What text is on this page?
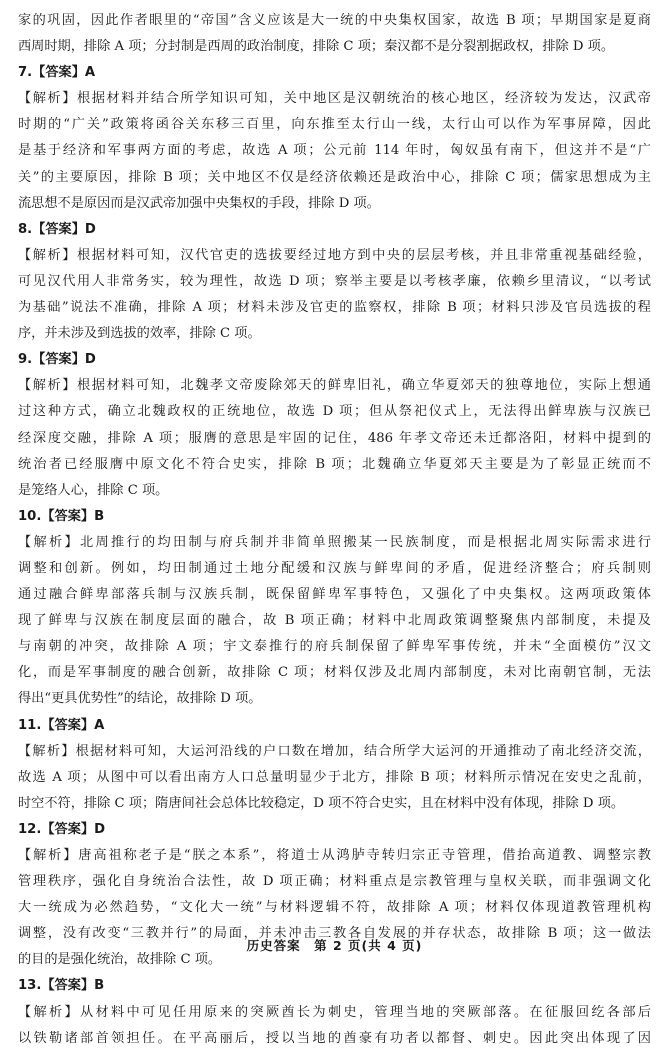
家的巩固，因此作者眼里的“帝国”含义应该是大一统的中央集权国家，故选 B 项；早期国家是夏商
西周时期，排除 A 项；分封制是西周的政治制度，排除 C 项；秦汉都不是分裂割据政权，排除 D 项。
7.【答案】A
【解析】根据材料并结合所学知识可知，关中地区是汉朝统治的核心地区，经济较为发达，汉武帝
时期的“广关”政策将函谷关东移三百里，向东推至太行山一线，太行山可以作为军事屏障，因此
是基于经济和军事两方面的考虑，故选 A 项；公元前 114 年时，匈奴虽有南下，但这并不是“广
关”的主要原因，排除 B 项；关中地区不仅是经济依赖还是政治中心，排除 C 项；儒家思想成为主
流思想不是原因而是汉武帝加强中央集权的手段，排除 D 项。
8.【答案】D
【解析】根据材料可知，汉代官吏的选拔要经过地方到中央的层层考核，并且非常重视基础经验，
可见汉代用人非常务实，较为理性，故选 D 项；察举主要是以考核孝廉，依赖乡里清议，“以考试
为基础”说法不准确，排除 A 项；材料未涉及官吏的监察权，排除 B 项；材料只涉及官员选拔的程
序，并未涉及到选拔的效率，排除 C 项。
9.【答案】D
【解析】根据材料可知，北魏孝文帝废除郊天的鲜卑旧礼，确立华夏郊天的独尊地位，实际上想通
过这种方式，确立北魏政权的正统地位，故选 D 项；但从祭祀仪式上，无法得出鲜卑族与汉族已
经深度交融，排除 A 项；服膺的意思是牢固的记住，486 年孝文帝还未迁都洛阳，材料中提到的
统治者已经服膺中原文化不符合史实，排除 B 项；北魏确立华夏郊天主要是为了彰显正统而不
是笼络人心，排除 C 项。
10.【答案】B
【解析】北周推行的均田制与府兵制并非简单照搬某一民族制度，而是根据北周实际需求进行
调整和创新。例如，均田制通过土地分配缓和汉族与鲜卑间的矛盾，促进经济整合；府兵制则
通过融合鲜卑部落兵制与汉族兵制，既保留鲜卑军事特色，又强化了中央集权。这两项政策体
现了鲜卑与汉族在制度层面的融合，故 B 项正确；材料中北周政策调整聚焦内部制度，未提及
与南朝的冲突，故排除 A 项；宇文泰推行的府兵制保留了鲜卑军事传统，并未“全面模仿”汉文
化，而是军事制度的融合创新，故排除 C 项；材料仅涉及北周内部制度，未对比南朝官制，无法
得出“更具优势性”的结论，故排除 D 项。
11.【答案】A
【解析】根据材料可知，大运河沿线的户口数在增加，结合所学大运河的开通推动了南北经济交流，
故选 A 项；从图中可以看出南方人口总量明显少于北方，排除 B 项；材料所示情况在安史之乱前，
时空不符，排除 C 项；隋唐间社会总体比较稳定，D 项不符合史实，且在材料中没有体现，排除 D 项。
12.【答案】D
【解析】唐高祖称老子是“朕之本系”，将道士从鸿胪寺转归宗正寺管理，借抬高道教、调整宗教
管理秩序，强化自身统治合法性，故 D 项正确；材料重点是宗教管理与皇权关联，而非强调文化
大一统成为必然趋势，“文化大一统”与材料逻辑不符，故排除 A 项；材料仅体现道教管理机构
调整，没有改变“三教并行”的局面，并未冲击三教各自发展的并存状态，故排除 B 项；这一做法
的目的是强化统治，故排除 C 项。
13.【答案】B
【解析】从材料中可见任用原来的突厥酋长为刺史，管理当地的突厥部落。在征服回纥各部后
以铁勒诸部首领担任。在平高丽后，授以当地的酋豪有功者以都督、刺史。因此突出体现了因
历史答案　第 2 页(共 4 页)
